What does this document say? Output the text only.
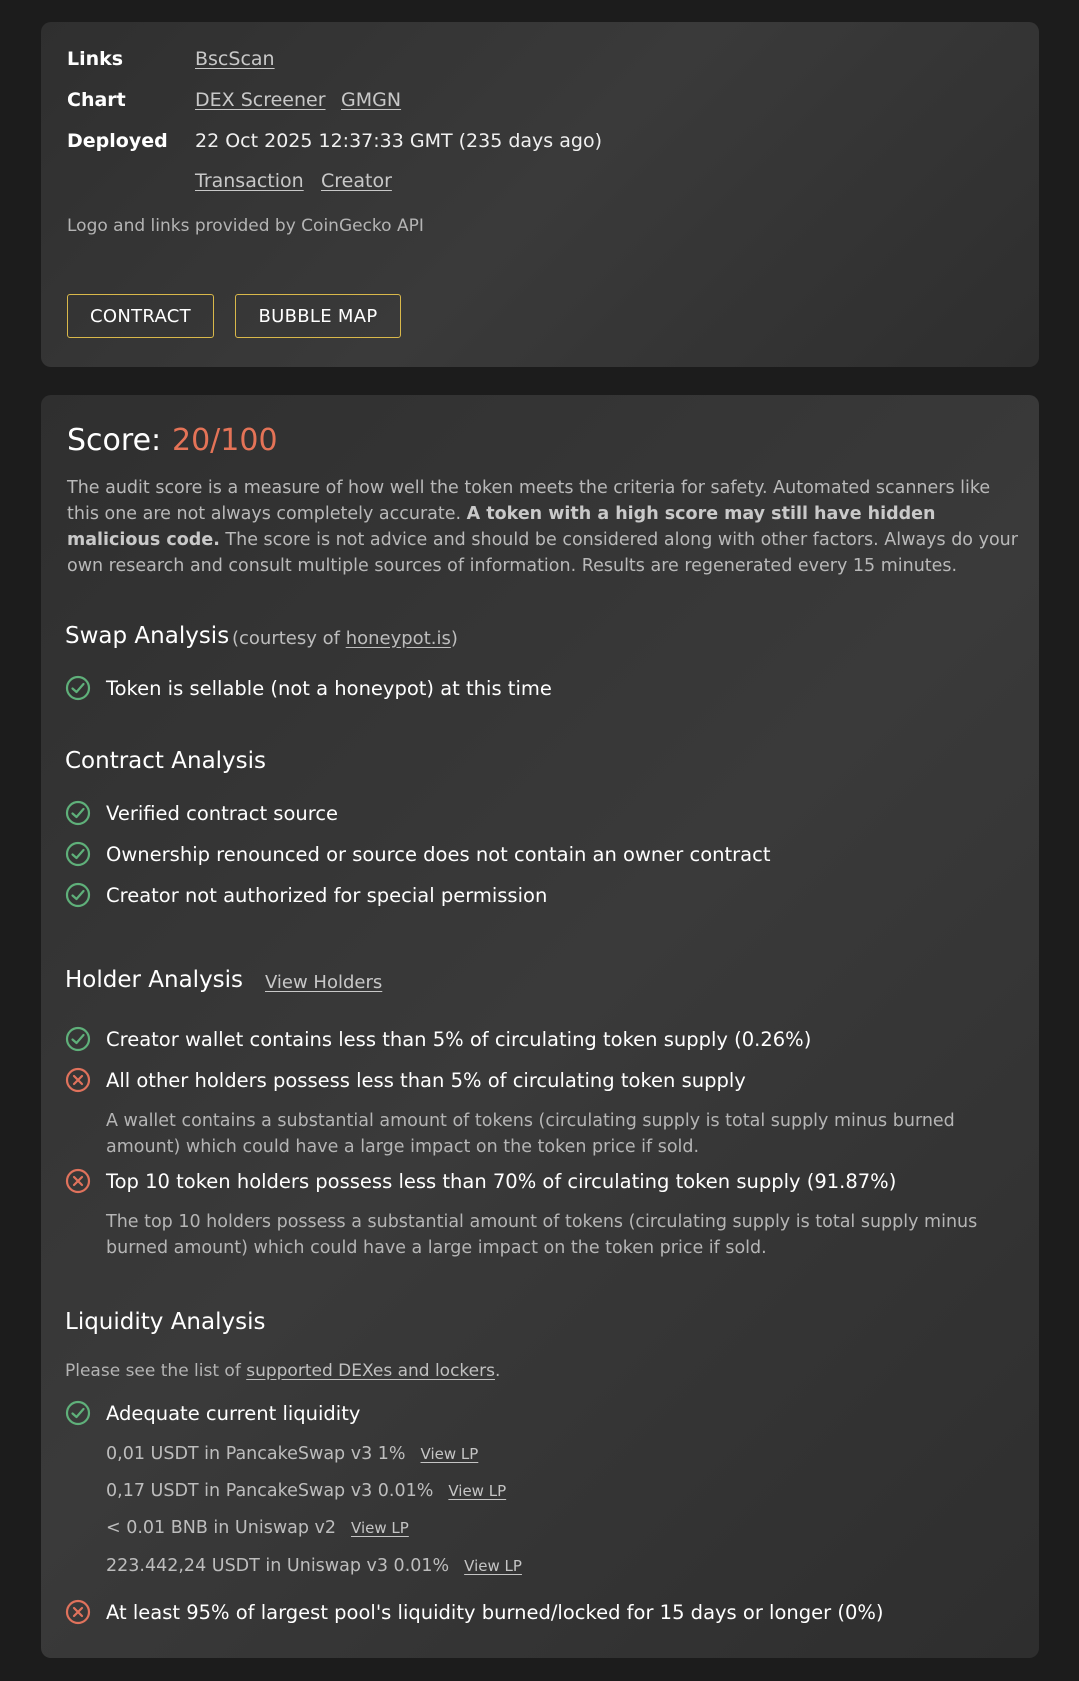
Links	BscScan
Chart	DEX Screener GMGN
Deployed 22 Oct 2025 12:37:33 GMT (235 days ago)
Transaction Creator
Logo and links provided by CoinGecko API
CONTRACT	BUBBLE MAP
Score: 20/100
The audit score is a measure of how well the token meets the criteria for safety. Automated scanners like this one are not always completely accurate. A token with a high score may still have hidden malicious code. The score is not advice and should be considered along with other factors. Always do your own research and consult multiple sources of information. Results are regenerated every 15 minutes.
Swap Analysis (courtesy of honeypot.is)
Token is sellable (not a honeypot) at this time
Contract Analysis
Verified contract source
Ownership renounced or source does not contain an owner contract
Creator not authorized for special permission
Holder Analysis View Holders
Creator wallet contains less than 5% of circulating token supply (0.26%)
All other holders possess less than 5% of circulating token supply
A wallet contains a substantial amount of tokens (circulating supply is total supply minus burned amount) which could have a large impact on the token price if sold.
Top 10 token holders possess less than 70% of circulating token supply (91.87%)
The top 10 holders possess a substantial amount of tokens (circulating supply is total supply minus burned amount) which could have a large impact on the token price if sold.
Liquidity Analysis
Please see the list of supported DEXes and lockers.
Adequate current liquidity
0,01 USDT in PancakeSwap v3 1% View LP
0,17 USDT in PancakeSwap v3 0.01% View LP
< 0.01 BNB in Uniswap v2 View LP
223.442,24 USDT in Uniswap v3 0.01% View LP
At least 95% of largest pool's liquidity burned/locked for 15 days or longer (0%)
